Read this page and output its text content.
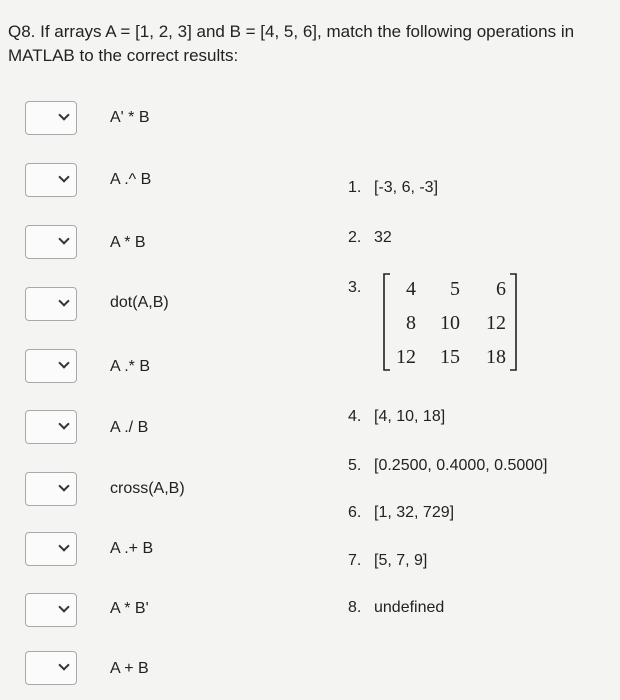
Q8. If arrays A = [1, 2, 3] and B = [4, 5, 6], match the following operations in
MATLAB to the correct results:
A' * B
A .^ B
A * B
dot(A,B)
A .* B
A ./ B
cross(A,B)
A .+ B
A * B'
A + B
1. [-3, 6, -3]
2. 32
3.	4	5	6
8	10	12
12	15	18
4. [4, 10, 18]
5. [0.2500, 0.4000, 0.5000]
6. [1, 32, 729]
7. [5, 7, 9]
8. undefined
